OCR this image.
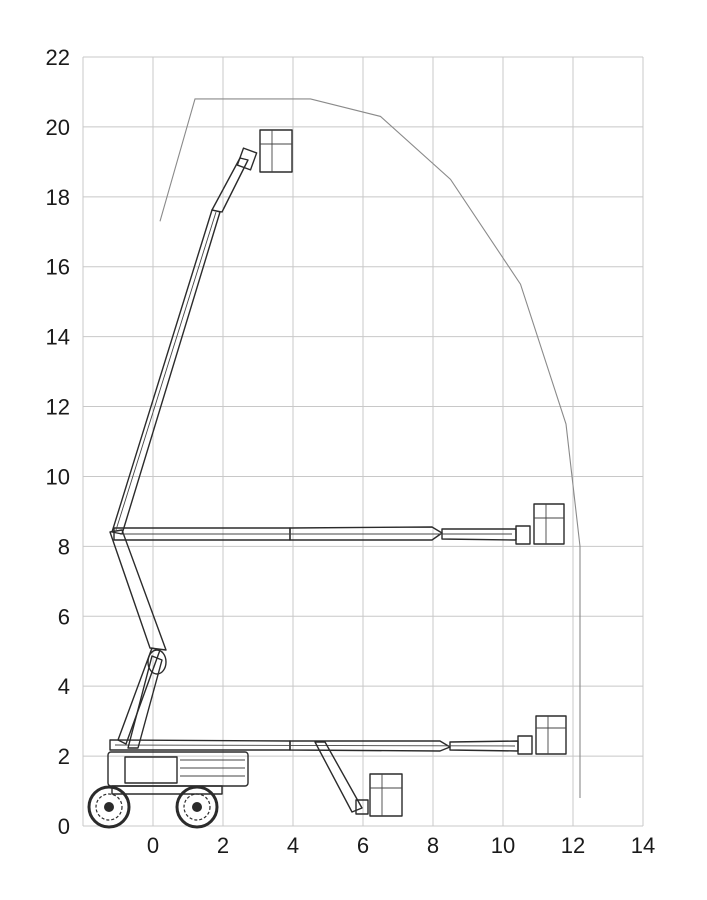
0
2
4
6
8
10
12
14
16
18
20
22
0	2	4	6	8 10 12 14
